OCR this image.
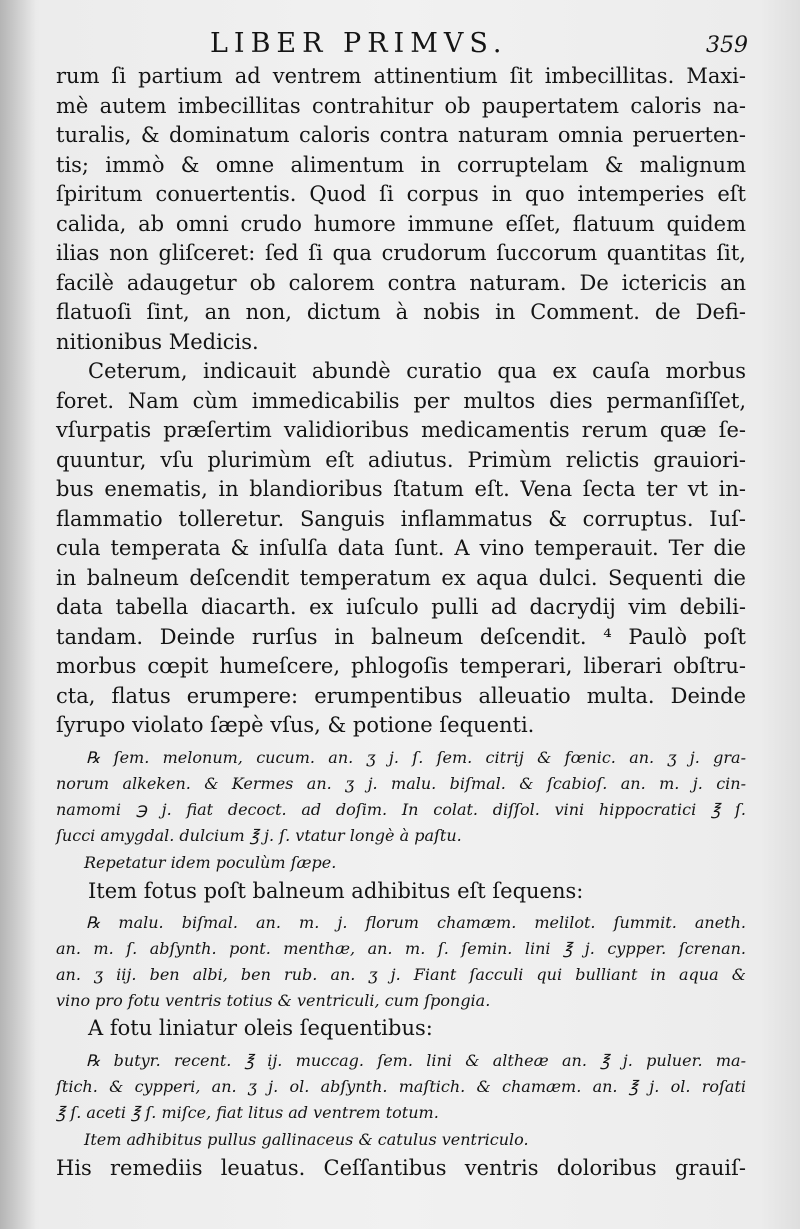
LIBER PRIMVS.	359
rum ſi partium ad ventrem attinentium ſit imbecillitas. Maxi-
mè autem imbecillitas contrahitur ob paupertatem caloris na-
turalis, & dominatum caloris contra naturam omnia peruerten-
tis; immò & omne alimentum in corruptelam & malignum
ſpiritum conuertentis. Quod ſi corpus in quo intemperies eſt
calida, ab omni crudo humore immune eſſet, flatuum quidem
ilias non gliſceret: ſed ſi qua crudorum ſuccorum quantitas ſit,
facilè adaugetur ob calorem contra naturam. De ictericis an
flatuoſi ſint, an non, dictum à nobis in Comment. de Defi-
nitionibus Medicis.
Ceterum, indicauit abundè curatio qua ex cauſa morbus
foret. Nam cùm immedicabilis per multos dies permanſiſſet,
vſurpatis præſertim validioribus medicamentis rerum quæ ſe-
quuntur, vſu plurimùm eſt adiutus. Primùm relictis grauiori-
bus enematis, in blandioribus ſtatum eſt. Vena ſecta ter vt in-
flammatio tolleretur. Sanguis inflammatus & corruptus. Iuſ-
cula temperata & inſulſa data ſunt. A vino temperauit. Ter die
in balneum deſcendit temperatum ex aqua dulci. Sequenti die
data tabella diacarth. ex iuſculo pulli ad dacrydij vim debili-
tandam. Deinde rurſus in balneum deſcendit. ⁴ Paulò poſt
morbus cœpit humeſcere, phlogoſis temperari, liberari obſtru-
cta, flatus erumpere: erumpentibus alleuatio multa. Deinde
ſyrupo violato ſæpè vſus, & potione ſequenti.
℞ ſem. melonum, cucum. an. ʒ j. ſ. ſem. citrij & fœnic. an. ʒ j. gra-
norum alkeken. & Kermes an. ʒ j. malu. biſmal. & ſcabioſ. an. m. j. cin-
namomi ℈ j. fiat decoct. ad doſim. In colat. diſſol. vini hippocratici ℥ ſ.
ſucci amygdal. dulcium ℥ j. ſ. vtatur longè à paſtu.
Repetatur idem poculùm ſæpe.
Item fotus poſt balneum adhibitus eſt ſequens:
℞ malu. biſmal. an. m. j. florum chamæm. melilot. ſummit. aneth.
an. m. ſ. abſynth. pont. menthæ, an. m. ſ. ſemin. lini ℥ j. cypper. ſcrenan.
an. ʒ iij. ben albi, ben rub. an. ʒ j. Fiant ſacculi qui bulliant in aqua &
vino pro fotu ventris totius & ventriculi, cum ſpongia.
A fotu liniatur oleis ſequentibus:
℞ butyr. recent. ℥ ij. muccag. ſem. lini & altheæ an. ℥ j. puluer. ma-
ſtich. & cypperi, an. ʒ j. ol. abſynth. maſtich. & chamæm. an. ℥ j. ol. roſati
℥ ſ. aceti ℥ ſ. miſce, fiat litus ad ventrem totum.
Item adhibitus pullus gallinaceus & catulus ventriculo.
His remediis leuatus. Ceſſantibus ventris doloribus grauiſ-
